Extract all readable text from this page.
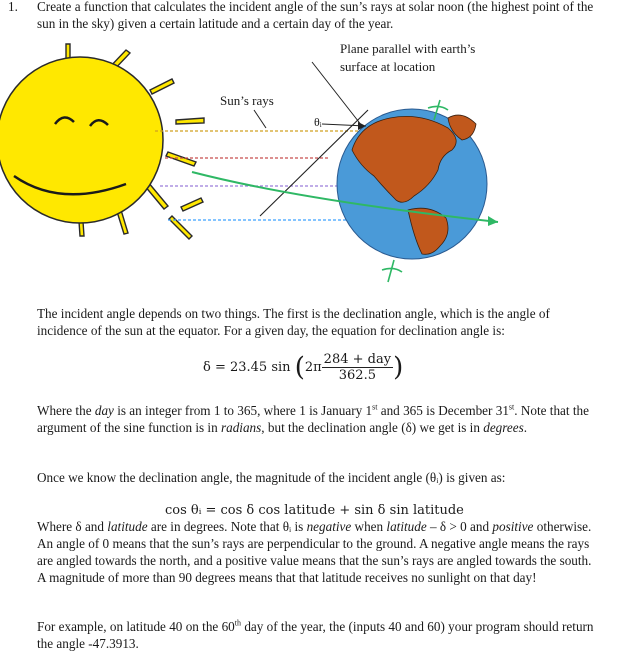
1. Create a function that calculates the incident angle of the sun’s rays at solar noon (the highest point of the sun in the sky) given a certain latitude and a certain day of the year.
Plane parallel with earth’s
surface at location
Sun’s rays
θᵢ
The incident angle depends on two things. The first is the declination angle, which is the angle of incidence of the sun at the equator. For a given day, the equation for declination angle is:
δ = 23.45 $\sin (2\pi \frac{\text{284 + day}}{362.5}$ )
Where the day is an integer from 1 to 365, where 1 is January 1st and 365 is December 31st. Note that the argument of the sine function is in radians, but the declination angle (δ) we get is in degrees.
Once we know the declination angle, the magnitude of the incident angle (θᵢ) is given as:
cos θᵢ = cos δ cos latitude + sin δ sin latitude
Where δ and latitude are in degrees. Note that θᵢ is negative when latitude – δ > 0 and positive otherwise. An angle of 0 means that the sun’s rays are perpendicular to the ground. A negative angle means the rays are angled towards the north, and a positive value means that the sun’s rays are angled towards the south. A magnitude of more than 90 degrees means that that latitude receives no sunlight on that day!
For example, on latitude 40 on the 60th day of the year, the (inputs 40 and 60) your program should return the angle -47.3913.
